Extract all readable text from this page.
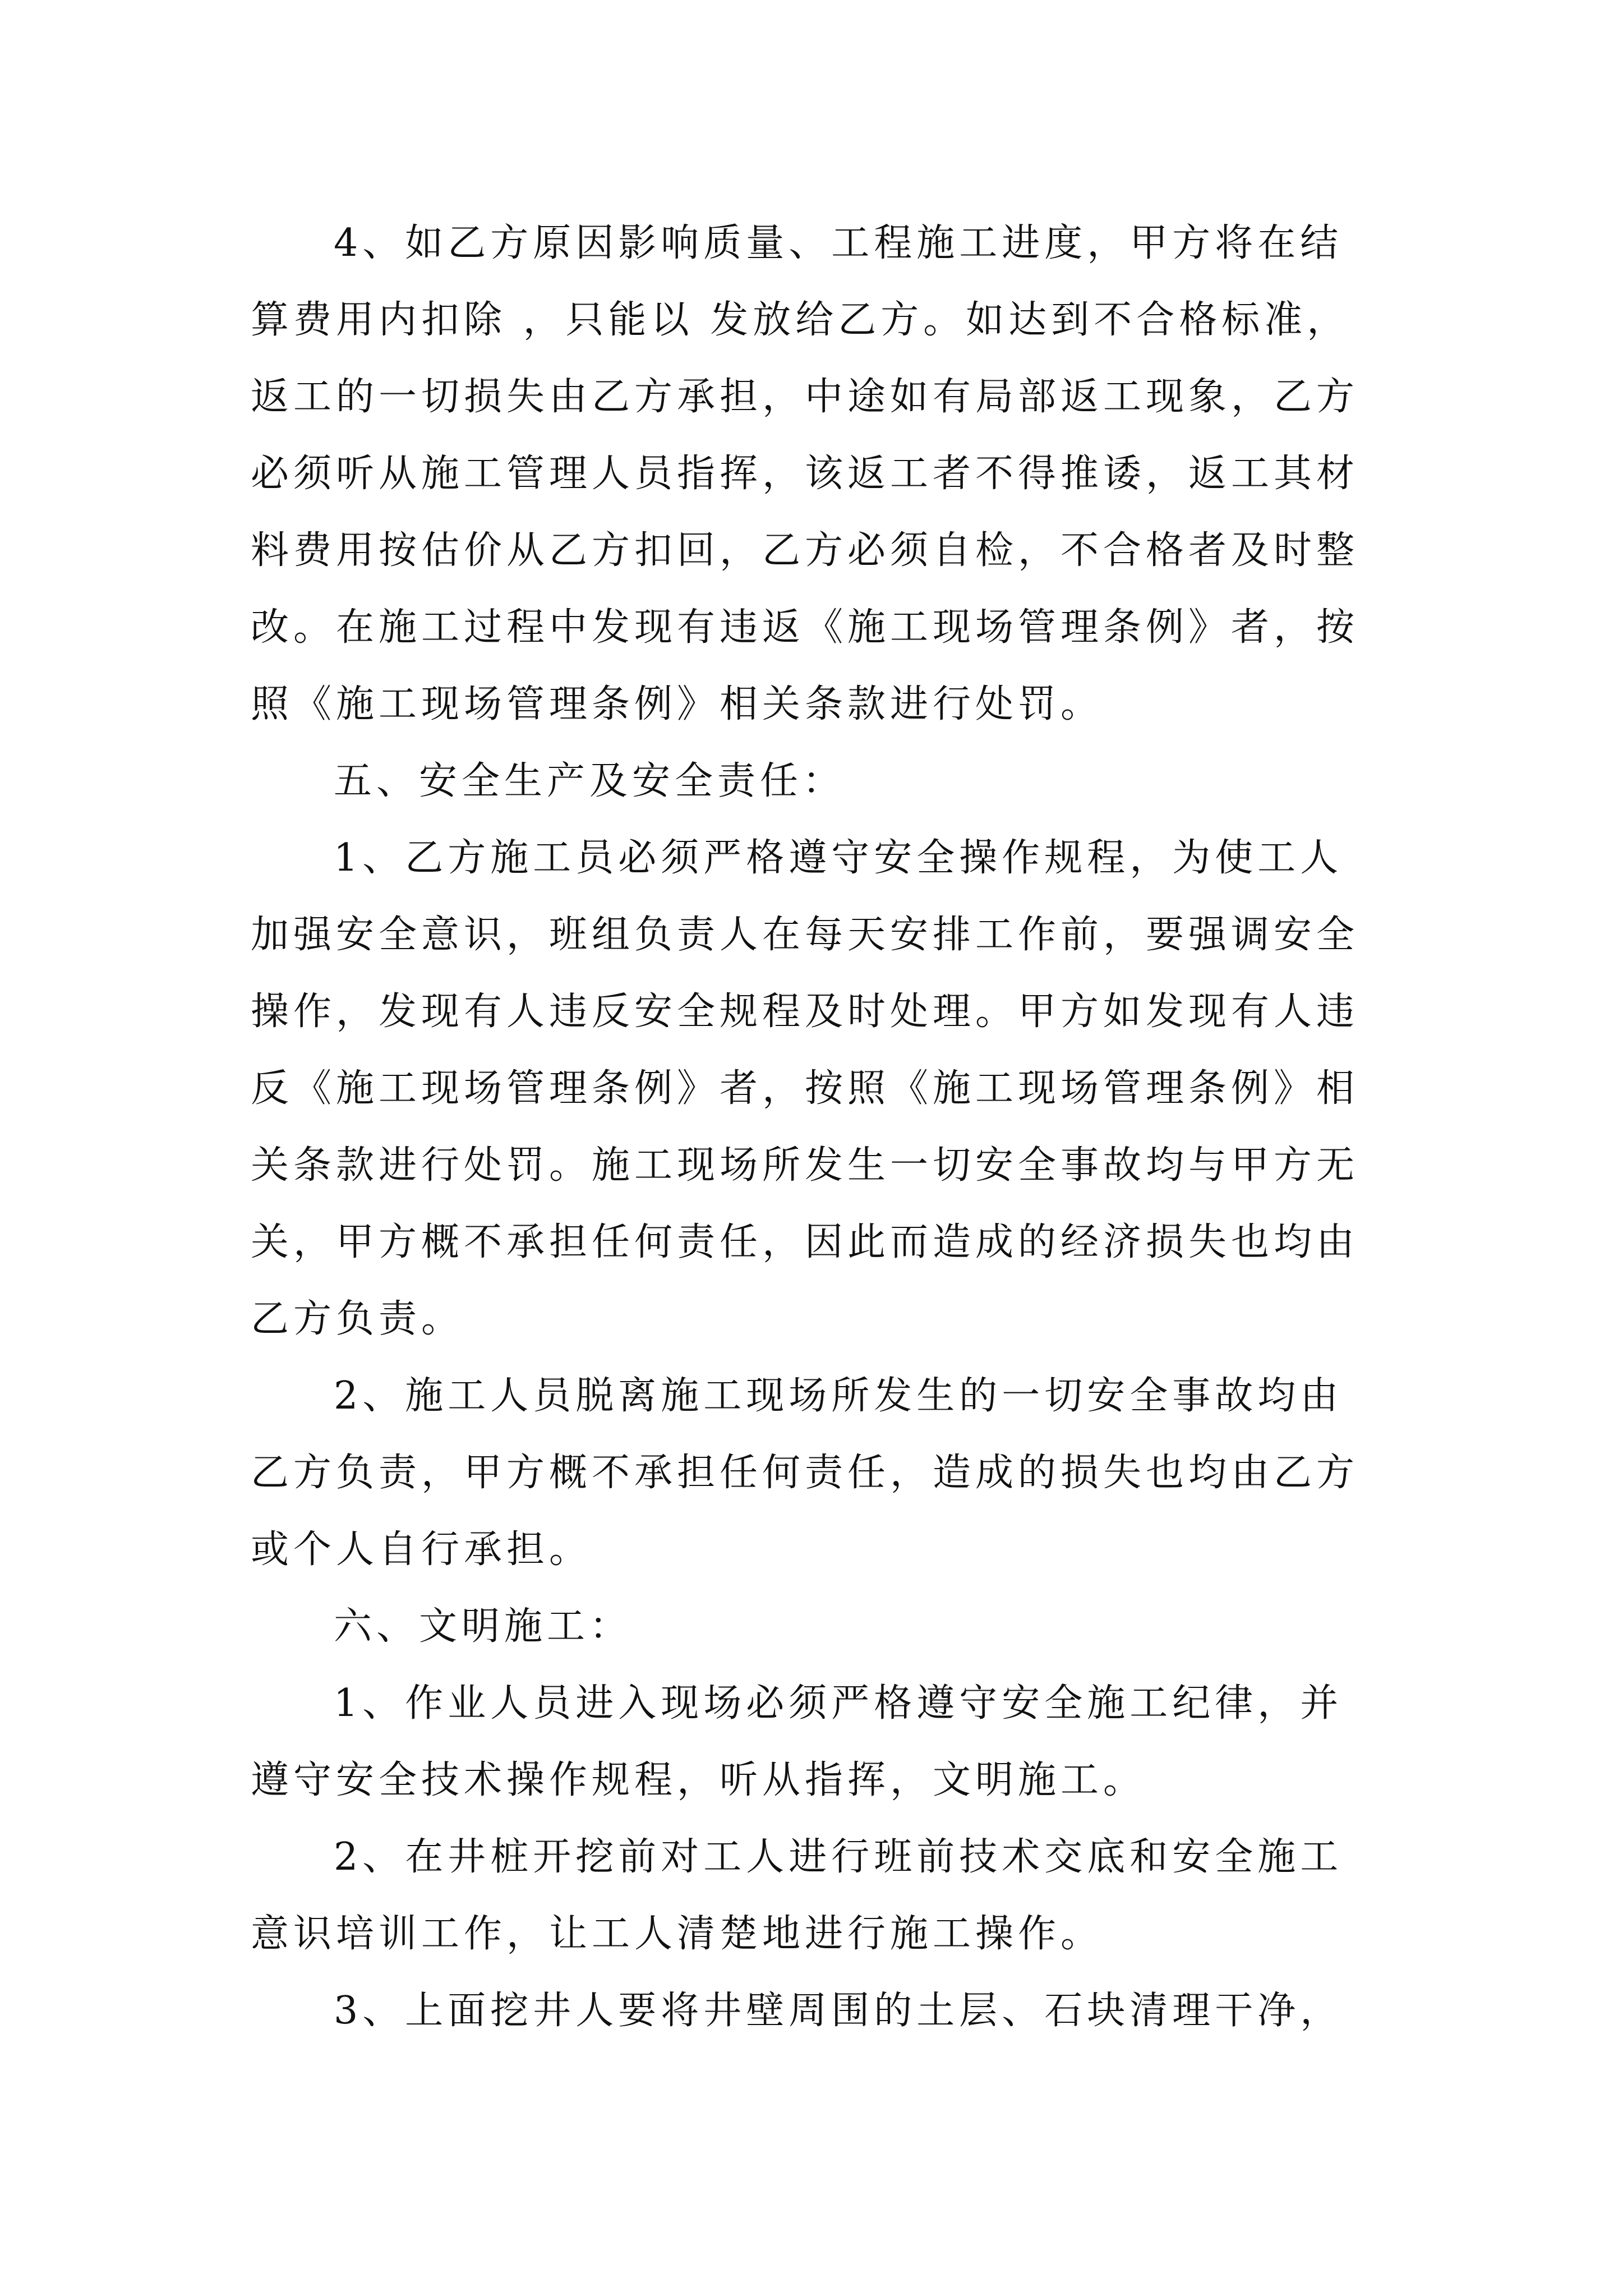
4、如乙方原因影响质量、工程施工进度，甲方将在结
算费用内扣除 ，只能以 发放给乙方。如达到不合格标准，
返工的一切损失由乙方承担，中途如有局部返工现象，乙方
必须听从施工管理人员指挥，该返工者不得推诿，返工其材
料费用按估价从乙方扣回，乙方必须自检，不合格者及时整
改。在施工过程中发现有违返《施工现场管理条例》者，按
照《施工现场管理条例》相关条款进行处罚。
五、安全生产及安全责任：
1、乙方施工员必须严格遵守安全操作规程，为使工人
加强安全意识，班组负责人在每天安排工作前，要强调安全
操作，发现有人违反安全规程及时处理。甲方如发现有人违
反《施工现场管理条例》者，按照《施工现场管理条例》相
关条款进行处罚。施工现场所发生一切安全事故均与甲方无
关，甲方概不承担任何责任，因此而造成的经济损失也均由
乙方负责。
2、施工人员脱离施工现场所发生的一切安全事故均由
乙方负责，甲方概不承担任何责任，造成的损失也均由乙方
或个人自行承担。
六、文明施工：
1、作业人员进入现场必须严格遵守安全施工纪律，并
遵守安全技术操作规程，听从指挥，文明施工。
2、在井桩开挖前对工人进行班前技术交底和安全施工
意识培训工作，让工人清楚地进行施工操作。
3、上面挖井人要将井壁周围的土层、石块清理干净，
